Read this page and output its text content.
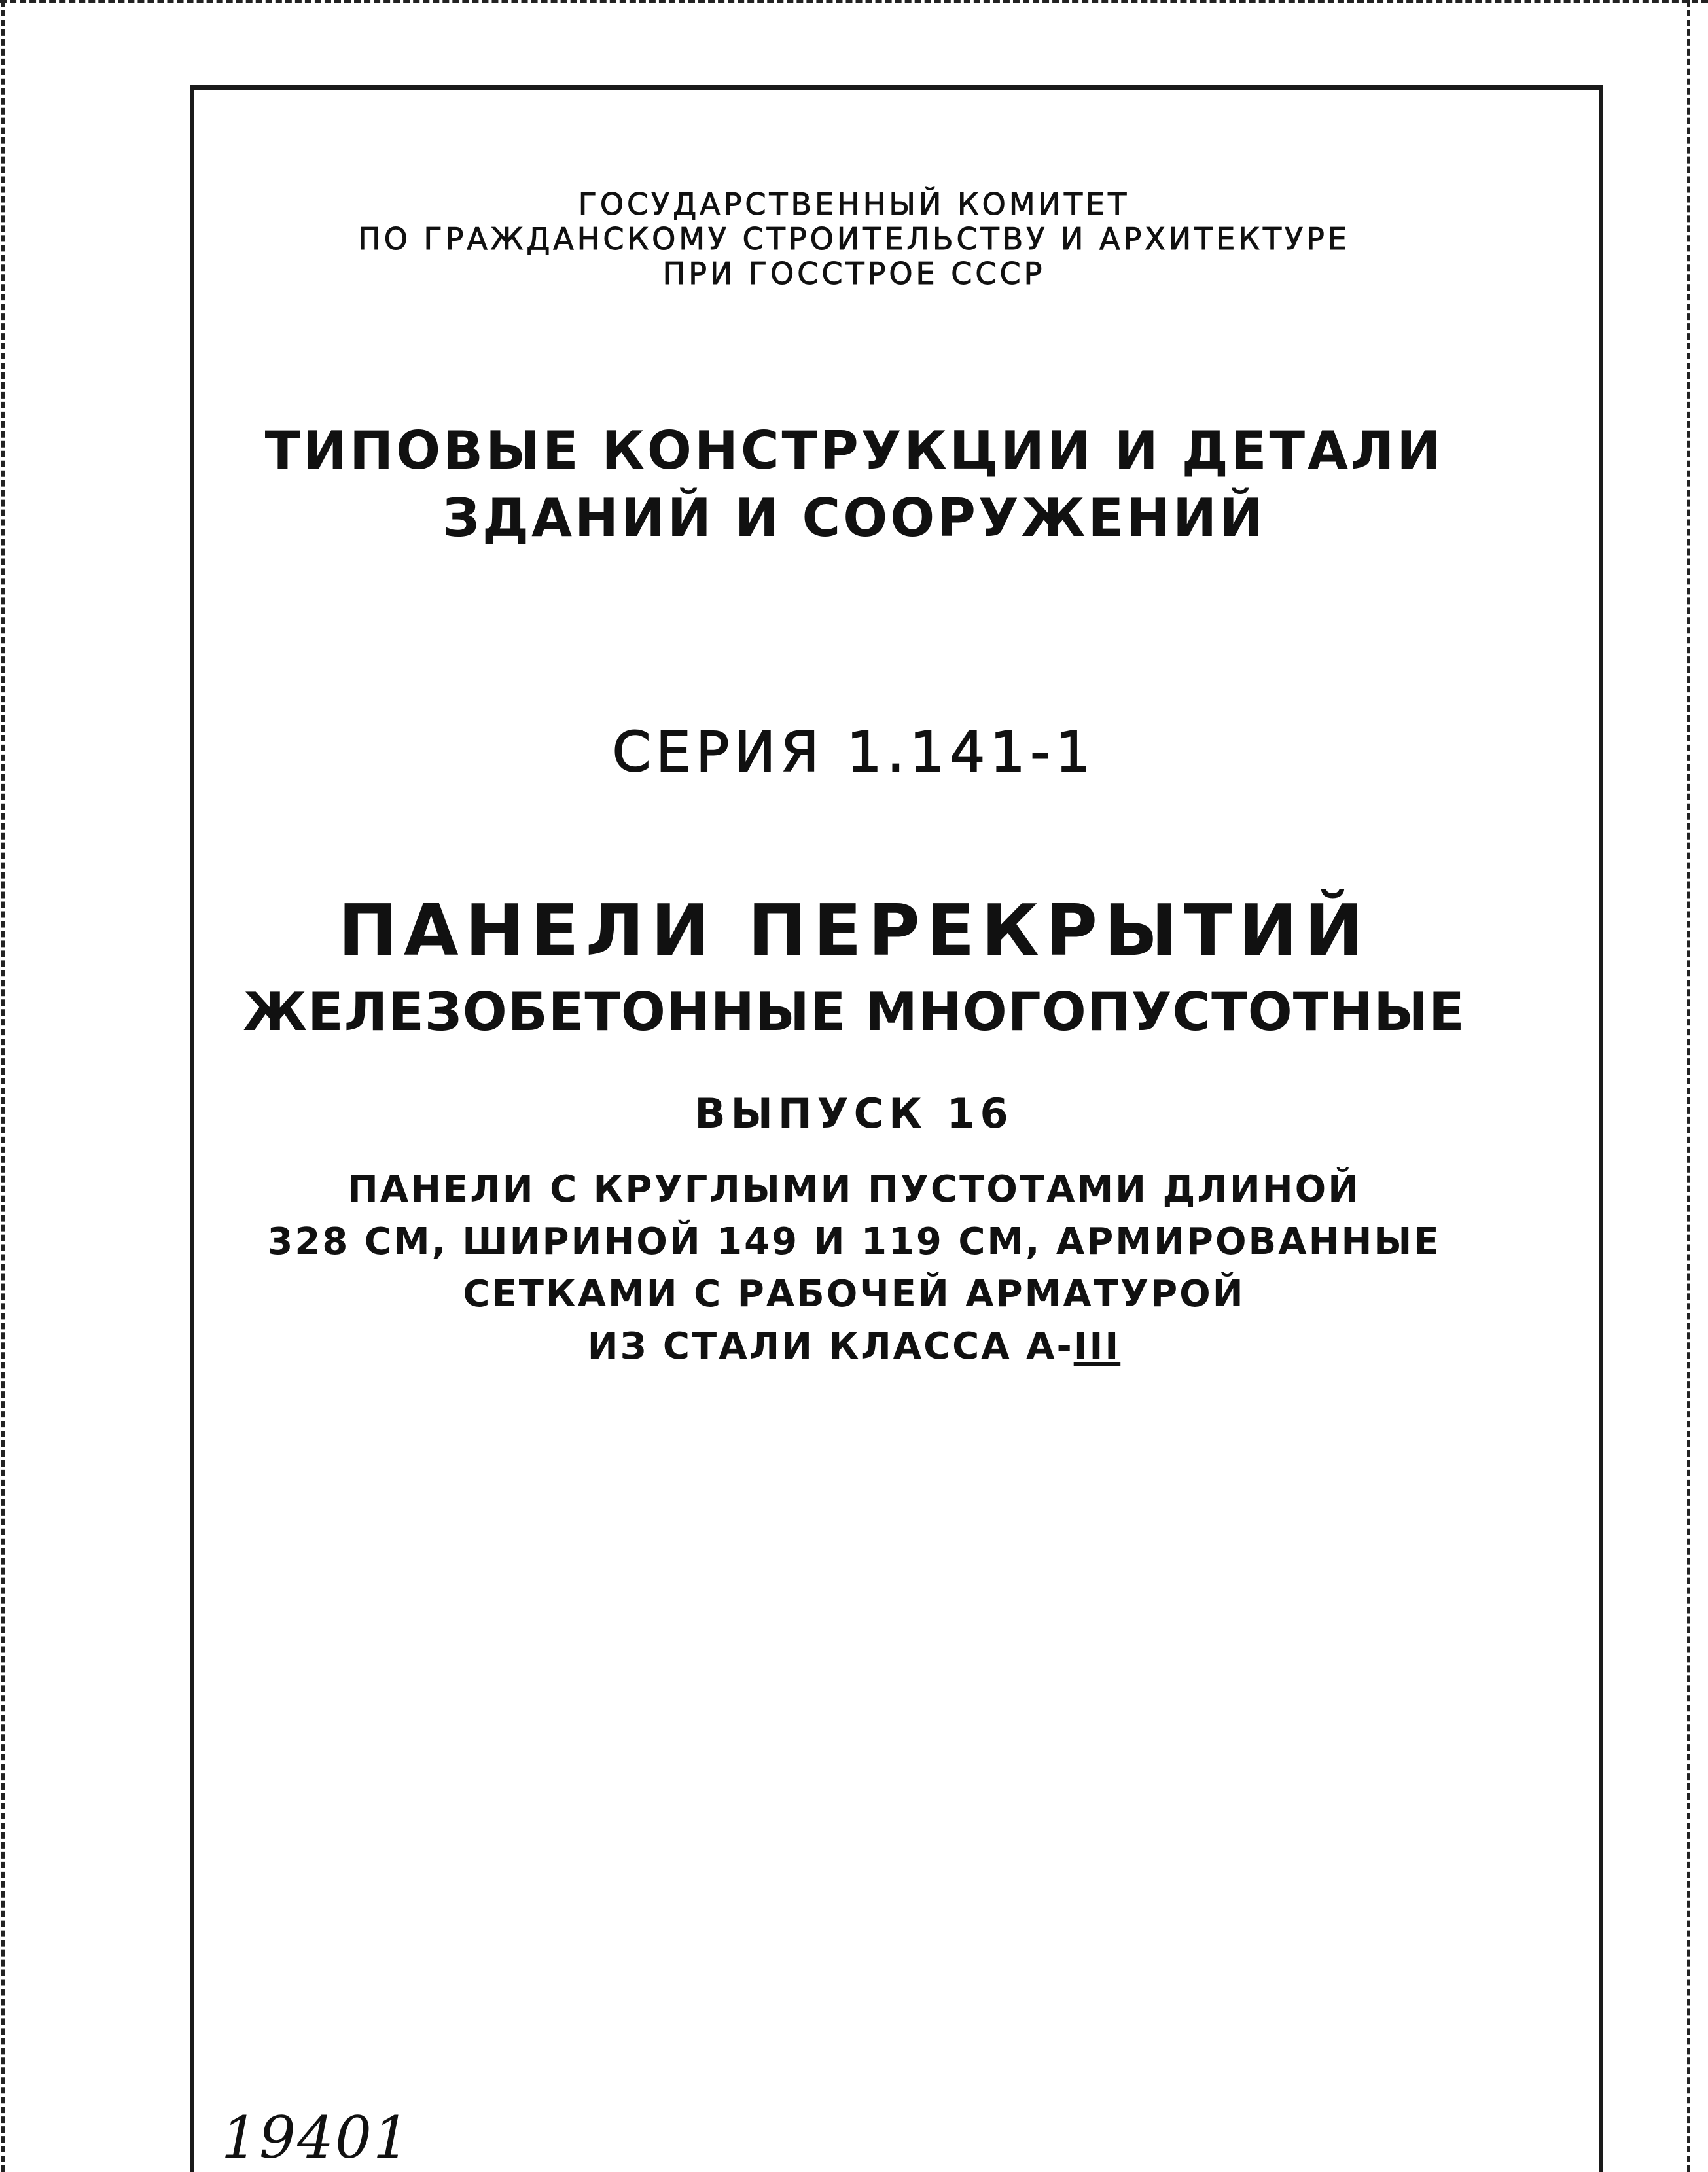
ГОСУДАРСТВЕННЫЙ КОМИТЕТ
ПО ГРАЖДАНСКОМУ СТРОИТЕЛЬСТВУ И АРХИТЕКТУРЕ
ПРИ ГОССТРОЕ СССР
ТИПОВЫЕ КОНСТРУКЦИИ И ДЕТАЛИ
ЗДАНИЙ И СООРУЖЕНИЙ
СЕРИЯ 1.141-1
ПАНЕЛИ ПЕРЕКРЫТИЙ
ЖЕЛЕЗОБЕТОННЫЕ МНОГОПУСТОТНЫЕ
ВЫПУСК 16
ПАНЕЛИ С КРУГЛЫМИ ПУСТОТАМИ ДЛИНОЙ
328 СМ, ШИРИНОЙ 149 И 119 СМ, АРМИРОВАННЫЕ
СЕТКАМИ С РАБОЧЕЙ АРМАТУРОЙ
ИЗ СТАЛИ КЛАССА А-III
19401
